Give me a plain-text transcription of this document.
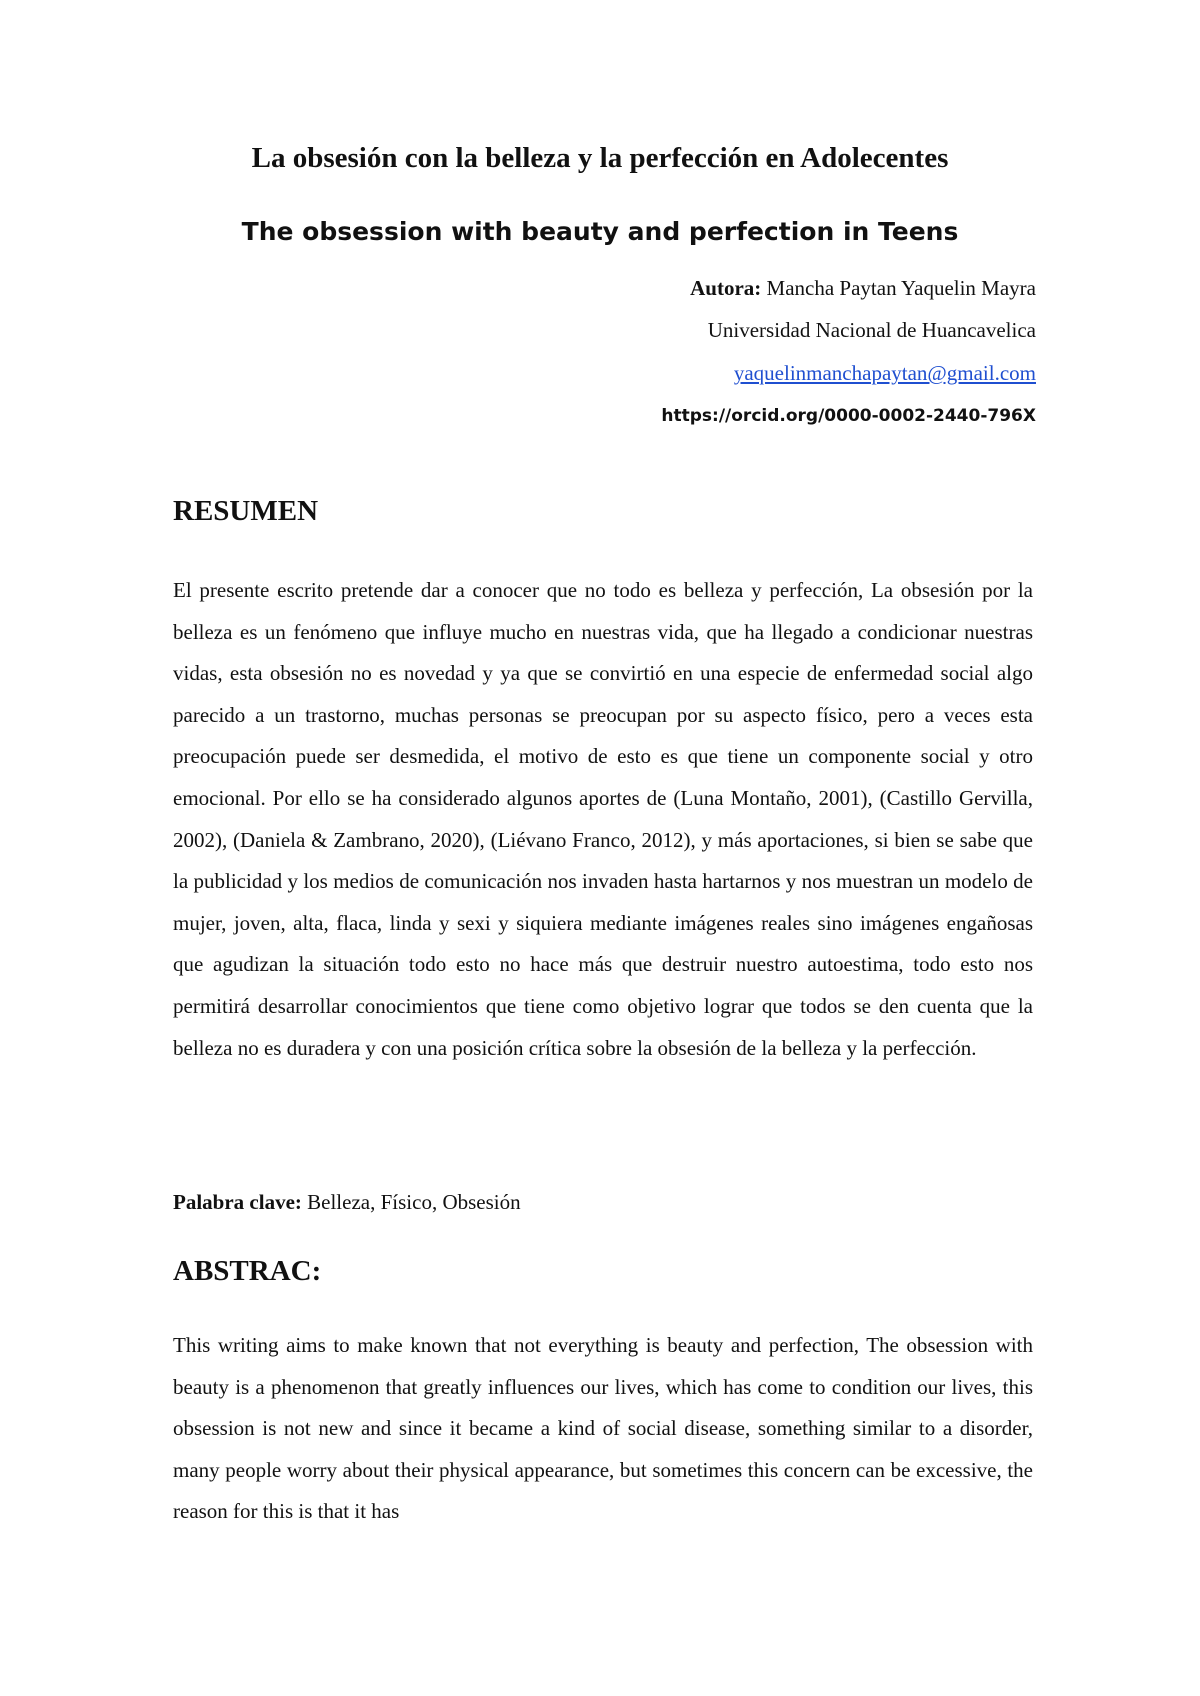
La obsesión con la belleza y la perfección en Adolecentes
The obsession with beauty and perfection in Teens

Autora: Mancha Paytan Yaquelin Mayra

Universidad Nacional de Huancavelica

yaquelinmanchapaytan@gmail.com

https://orcid.org/0000-0002-2440-796X

RESUMEN

El presente escrito pretende dar a conocer que no todo es belleza y perfección, La obsesión por la belleza es un fenómeno que influye mucho en nuestras vida, que ha llegado a condicionar nuestras vidas, esta obsesión no es novedad y ya que se convirtió en una especie de enfermedad social algo parecido a un trastorno, muchas personas se preocupan por su aspecto físico, pero a veces esta preocupación puede ser desmedida, el motivo de esto es que tiene un componente social y otro emocional. Por ello se ha considerado algunos aportes de (Luna Montaño, 2001), (Castillo Gervilla, 2002), (Daniela & Zambrano, 2020), (Liévano Franco, 2012), y más aportaciones, si bien se sabe que la publicidad y los medios de comunicación nos invaden hasta hartarnos y nos muestran un modelo de mujer, joven, alta, flaca, linda y sexi y siquiera mediante imágenes reales sino imágenes engañosas que agudizan la situación todo esto no hace más que destruir nuestro autoestima, todo esto nos permitirá desarrollar conocimientos que tiene como objetivo lograr que todos se den cuenta que la belleza no es duradera y con una posición crítica sobre la obsesión de la belleza y la perfección.

Palabra clave: Belleza, Físico, Obsesión

ABSTRAC:

This writing aims to make known that not everything is beauty and perfection, The obsession with beauty is a phenomenon that greatly influences our lives, which has come to condition our lives, this obsession is not new and since it became a kind of social disease, something similar to a disorder, many people worry about their physical appearance, but sometimes this concern can be excessive, the reason for this is that it has
